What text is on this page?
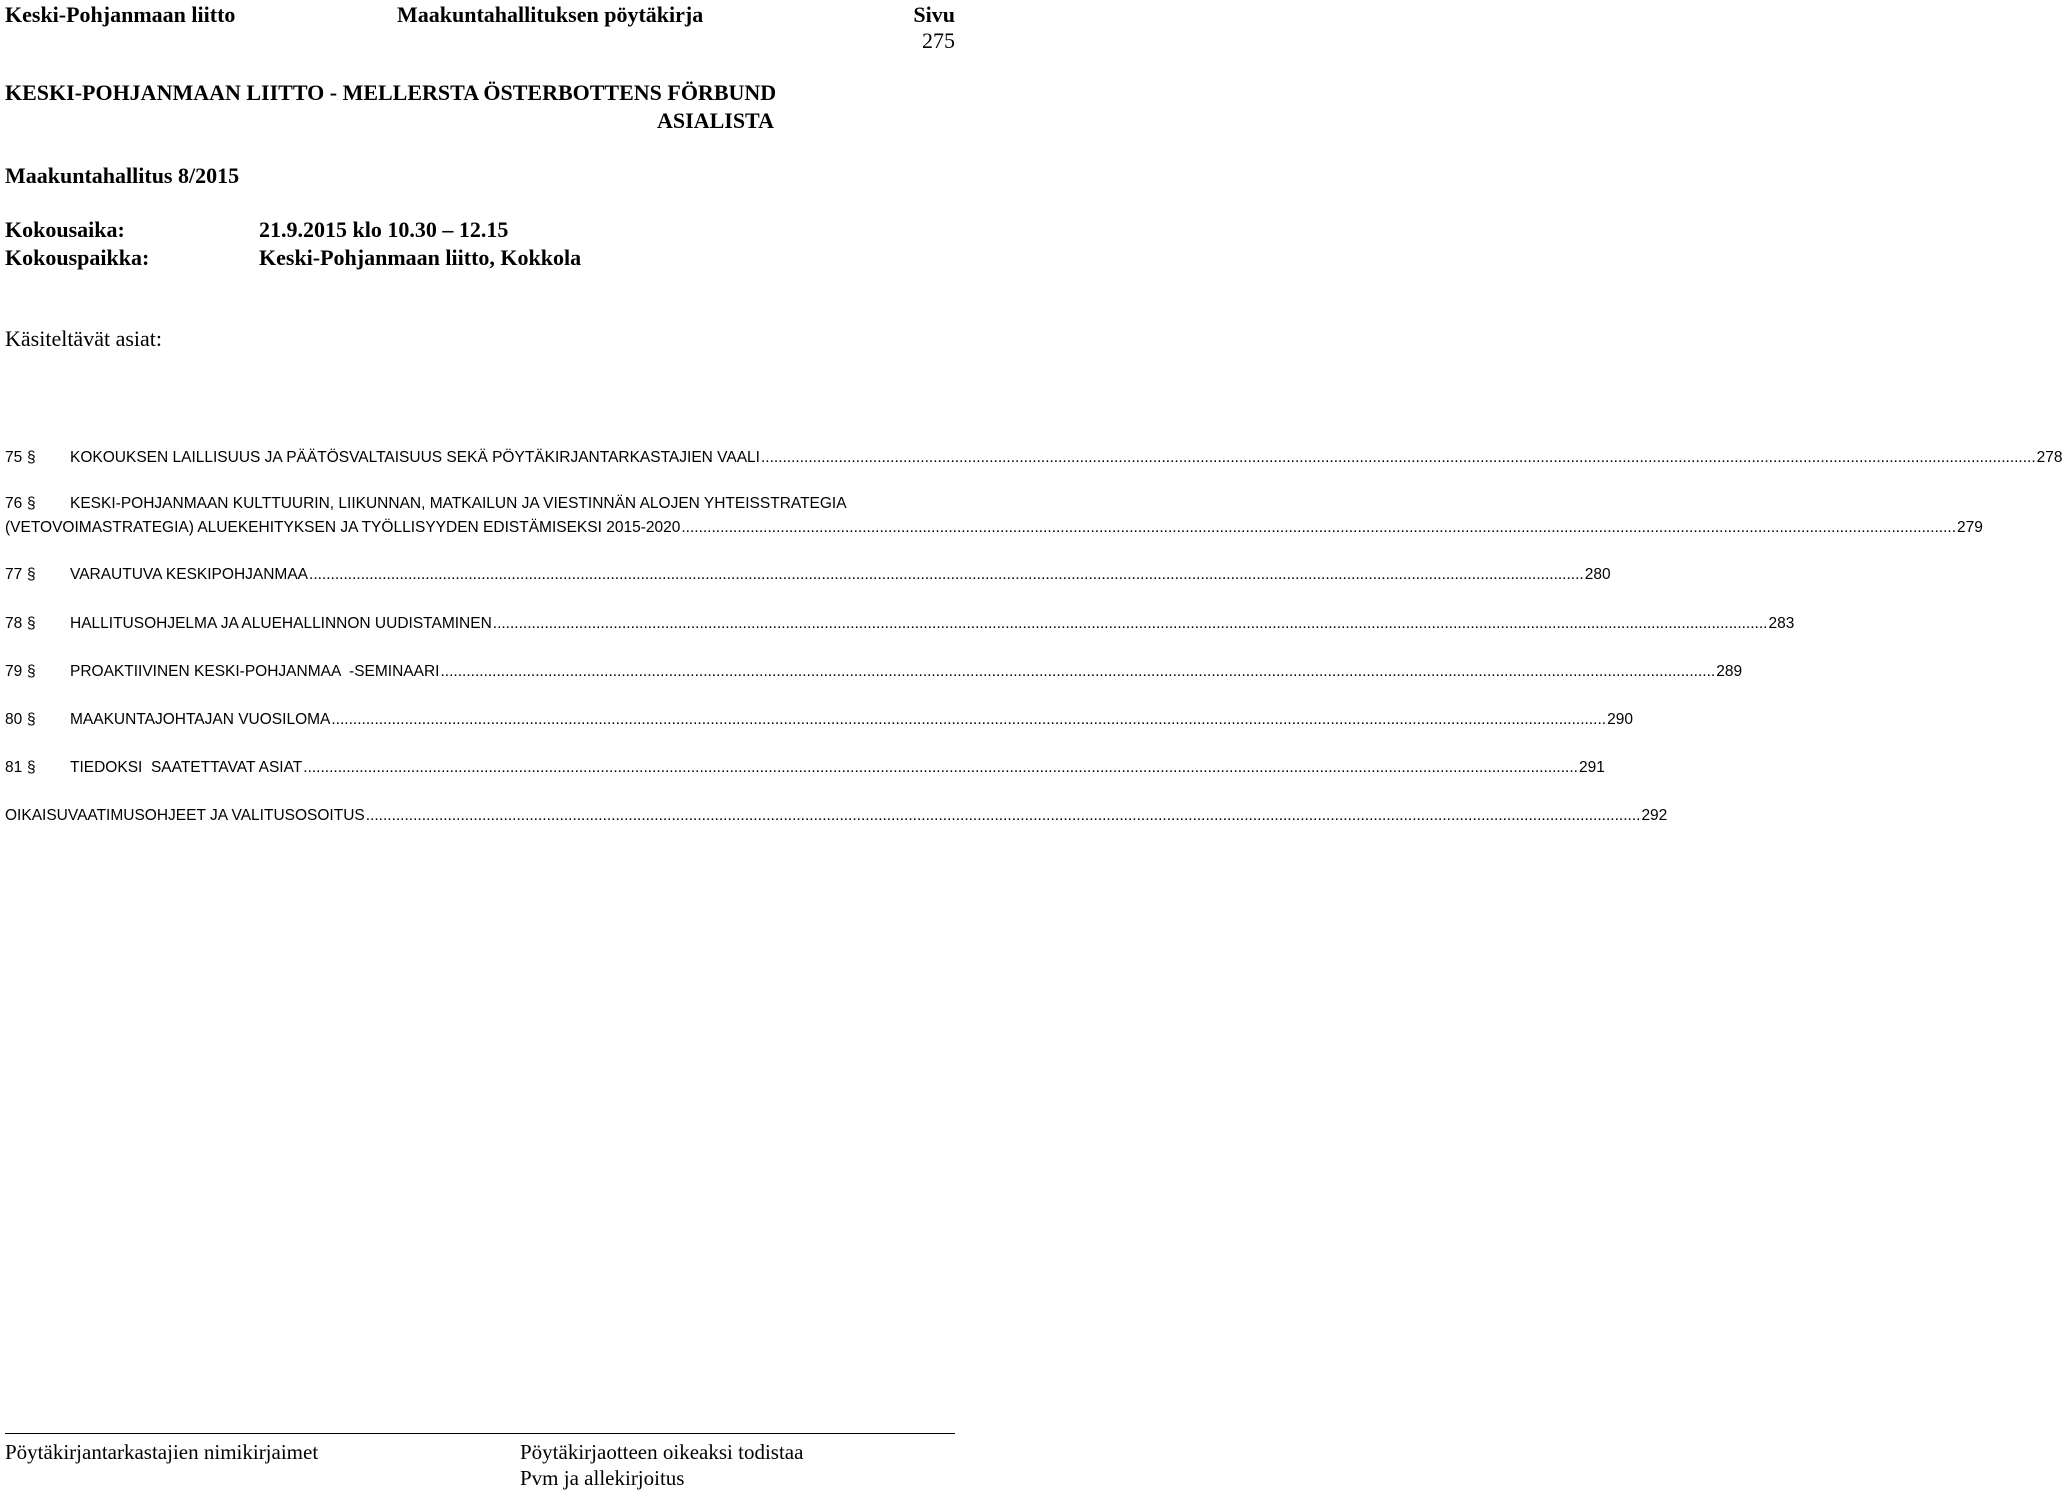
Keski-Pohjanmaan liitto	Maakuntahallituksen pöytäkirja	Sivu
275
KESKI-POHJANMAAN LIITTO - MELLERSTA ÖSTERBOTTENS FÖRBUND
ASIALISTA
Maakuntahallitus 8/2015
Kokousaika:	21.9.2015 klo 10.30 – 12.15
Kokouspaikka:	Keski-Pohjanmaan liitto, Kokkola
Käsiteltävät asiat:
75 §	KOKOUKSEN LAILLISUUS JA PÄÄTÖSVALTAISUUS SEKÄ PÖYTÄKIRJANTARKASTAJIEN VAALI .....	278
76 §	KESKI-POHJANMAAN KULTTUURIN, LIIKUNNAN, MATKAILUN JA VIESTINNÄN ALOJEN YHTEISSTRATEGIA
(VETOVOIMASTRATEGIA) ALUEKEHITYKSEN JA TYÖLLISYYDEN EDISTÄMISEKSI 2015-2020 .....	279
77 §	VARAUTUVA KESKIPOHJANMAA .....	280
78 §	HALLITUSOHJELMA JA ALUEHALLINNON UUDISTAMINEN .....	283
79 §	PROAKTIIVINEN KESKI-POHJANMAA  -SEMINAARI .....	289
80 §	MAAKUNTAJOHTAJAN VUOSILOMA .....	290
81 §	TIEDOKSI  SAATETTAVAT ASIAT .....	291
OIKAISUVAATIMUSOHJEET JA VALITUSOSOITUS .....	292
Pöytäkirjantarkastajien nimikirjaimet	Pöytäkirjaotteen oikeaksi todistaa
Pvm ja allekirjoitus
